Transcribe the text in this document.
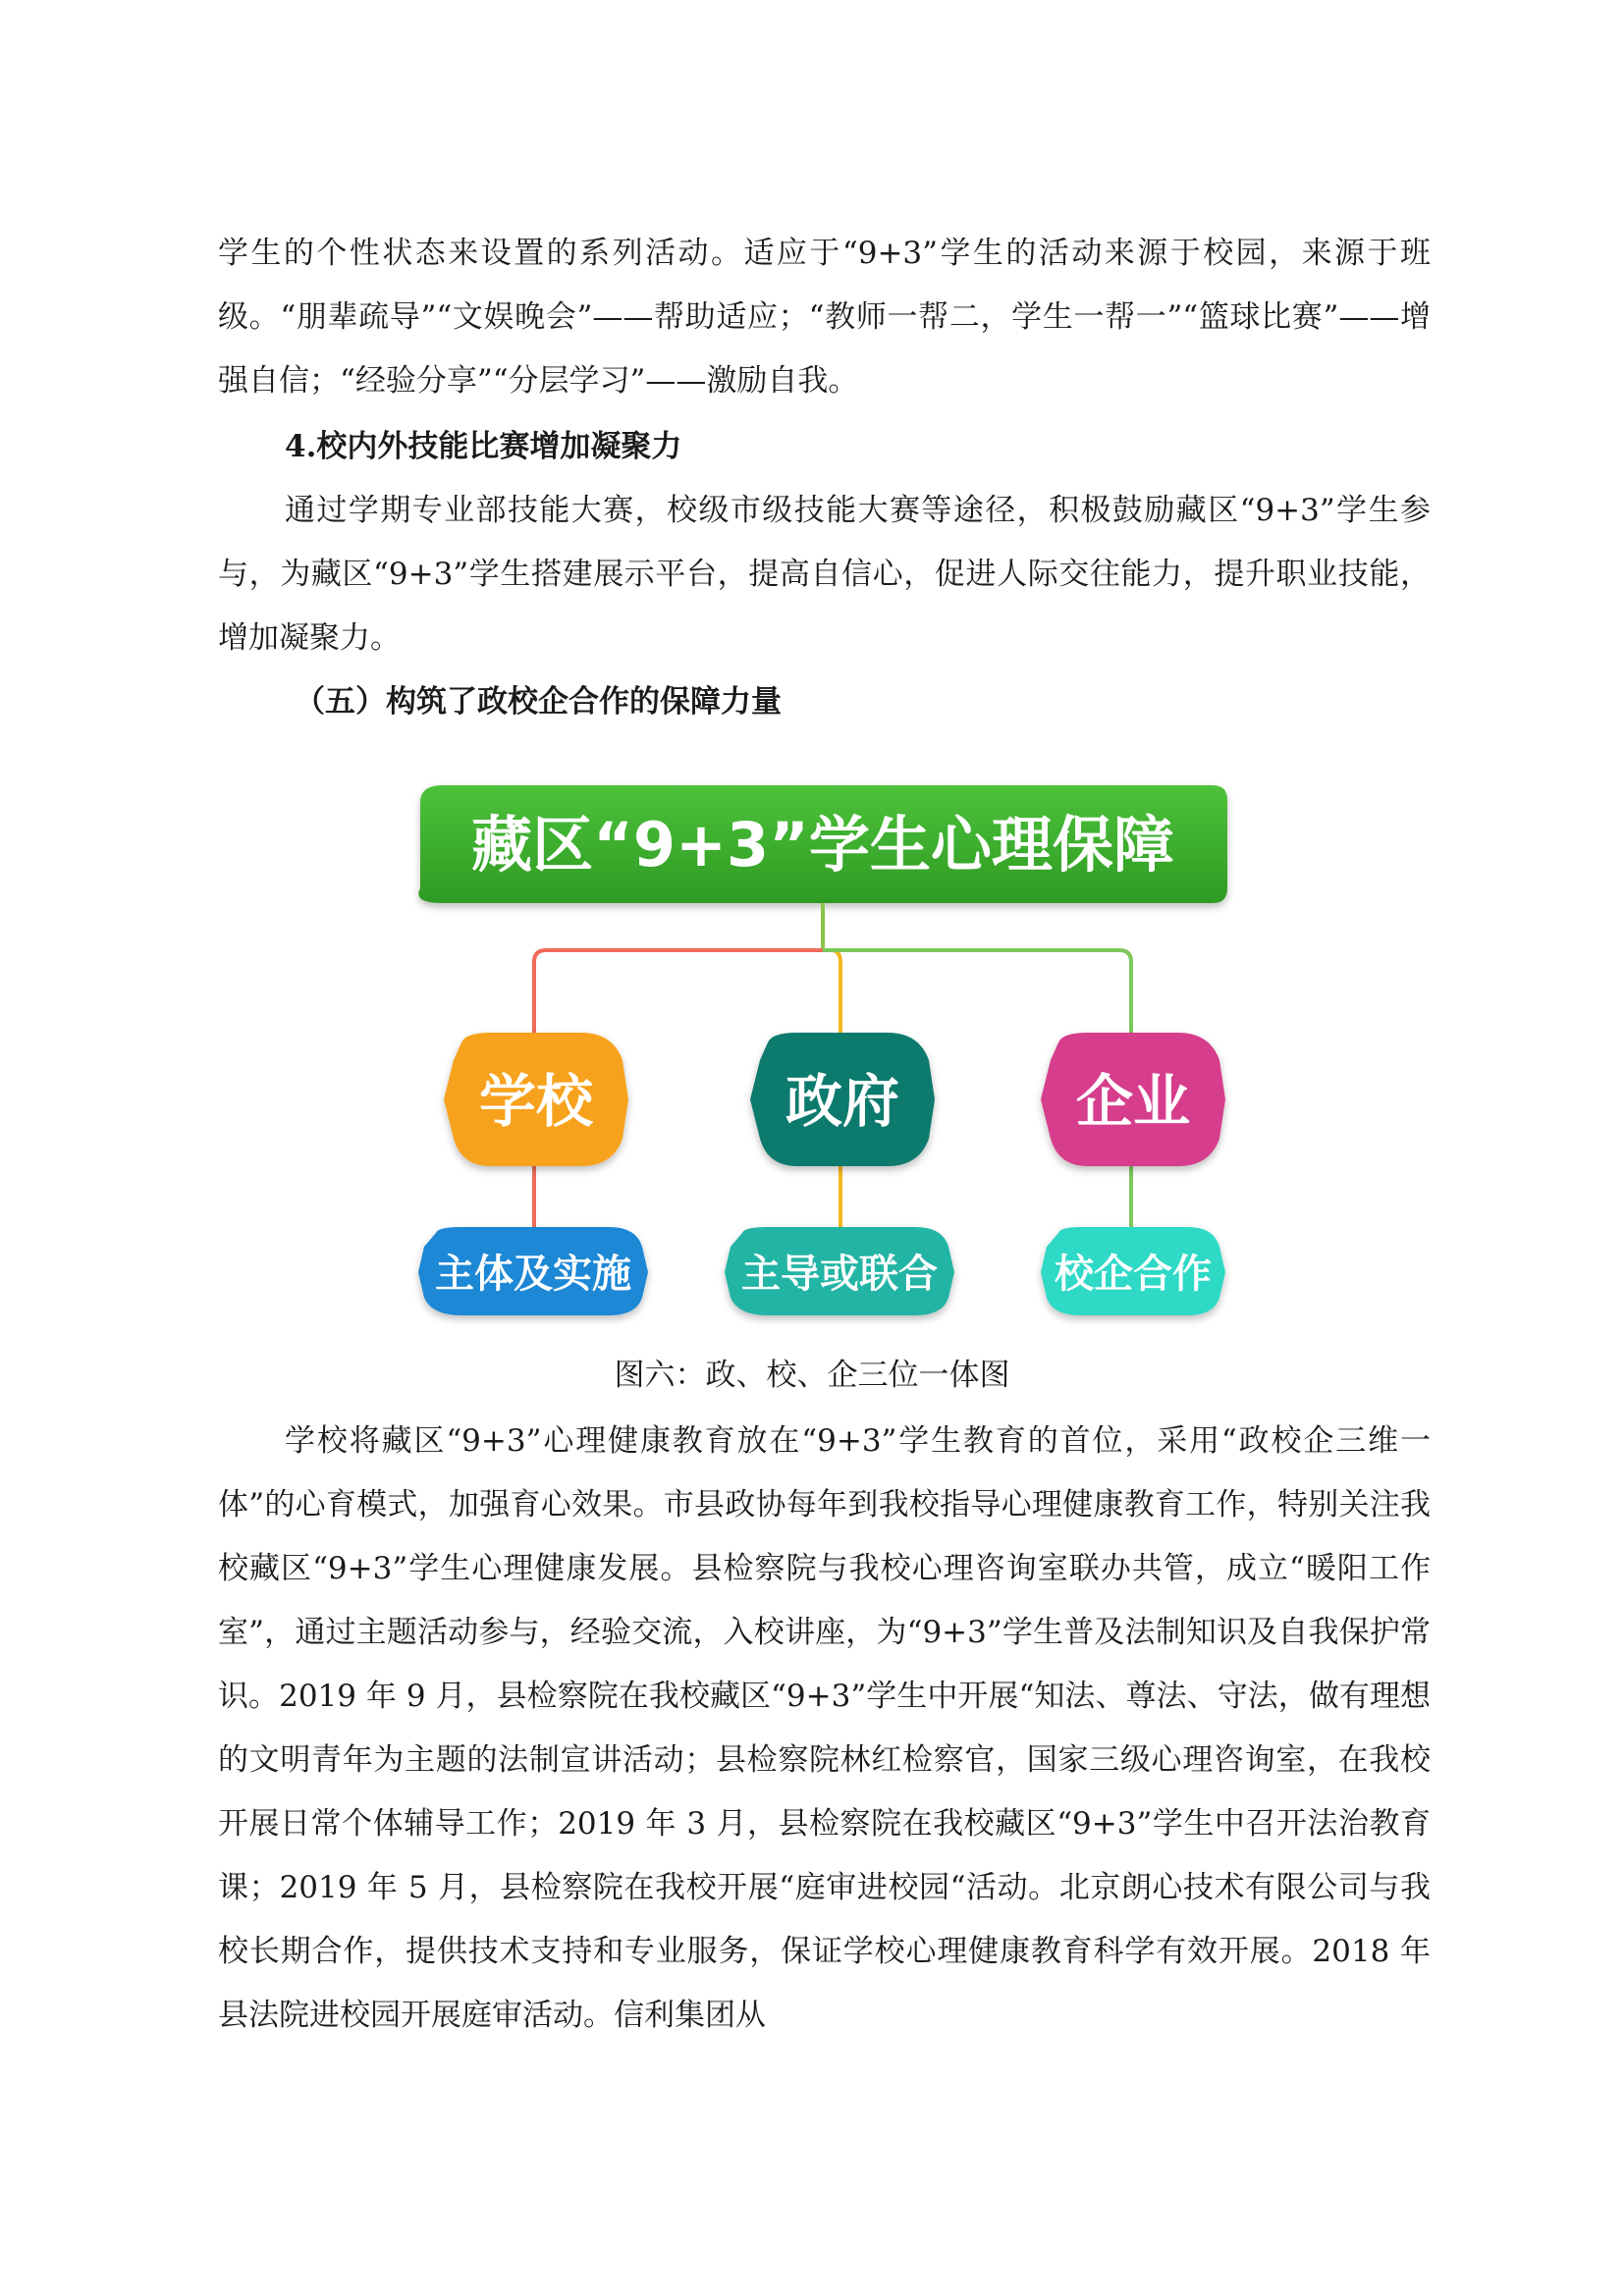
学生的个性状态来设置的系列活动。适应于“9+3”学生的活动来源于校园，来源于班级。“朋辈疏导”“文娱晚会”——帮助适应；“教师一帮二，学生一帮一”“篮球比赛”——增强自信；“经验分享”“分层学习”——激励自我。

4.校内外技能比赛增加凝聚力

通过学期专业部技能大赛，校级市级技能大赛等途径，积极鼓励藏区“9+3”学生参与，为藏区“9+3”学生搭建展示平台，提高自信心，促进人际交往能力，提升职业技能，增加凝聚力。

（五）构筑了政校企合作的保障力量

藏区“9+3”学生心理保障
学校	政府	企业
主体及实施	主导或联合	校企合作

图六：政、校、企三位一体图

学校将藏区“9+3”心理健康教育放在“9+3”学生教育的首位，采用“政校企三维一体”的心育模式，加强育心效果。市县政协每年到我校指导心理健康教育工作，特别关注我校藏区“9+3”学生心理健康发展。县检察院与我校心理咨询室联办共管，成立“暖阳工作室”，通过主题活动参与，经验交流，入校讲座，为“9+3”学生普及法制知识及自我保护常识。2019 年 9 月，县检察院在我校藏区“9+3”学生中开展“知法、尊法、守法，做有理想的文明青年为主题的法制宣讲活动；县检察院林红检察官，国家三级心理咨询室，在我校开展日常个体辅导工作；2019 年 3 月，县检察院在我校藏区“9+3”学生中召开法治教育课；2019 年 5 月，县检察院在我校开展“庭审进校园“活动。北京朗心技术有限公司与我校长期合作，提供技术支持和专业服务，保证学校心理健康教育科学有效开展。2018 年县法院进校园开展庭审活动。信利集团从
